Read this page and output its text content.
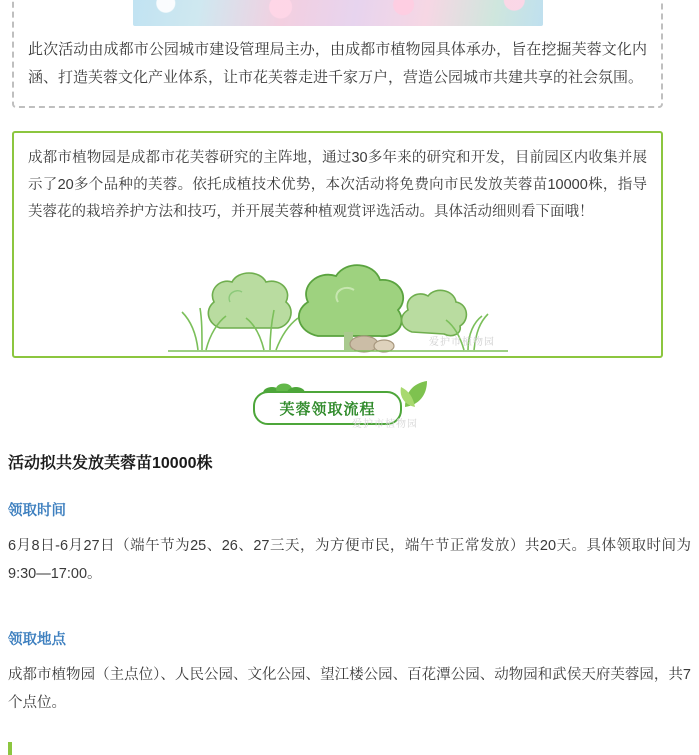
此次活动由成都市公园城市建设管理局主办，由成都市植物园具体承办，旨在挖掘芙蓉文化内涵、打造芙蓉文化产业体系，让市花芙蓉走进千家万户，营造公园城市共建共享的社会氛围。
成都市植物园是成都市花芙蓉研究的主阵地，通过30多年来的研究和开发，目前园区内收集并展示了20多个品种的芙蓉。依托成植技术优势，本次活动将免费向市民发放芙蓉苗10000株，指导芙蓉花的栽培养护方法和技巧，并开展芙蓉种植观赏评选活动。具体活动细则看下面哦！
爱护市植物园
芙蓉领取流程
爱护市植物园
活动拟共发放芙蓉苗10000株
领取时间

6月8日-6月27日（端午节为25、26、27三天，为方便市民，端午节正常发放）共20天。具体领取时间为9:30—17:00。

领取地点

成都市植物园（主点位）、人民公园、文化公园、望江楼公园、百花潭公园、动物园和武侯天府芙蓉园，共7个点位。
